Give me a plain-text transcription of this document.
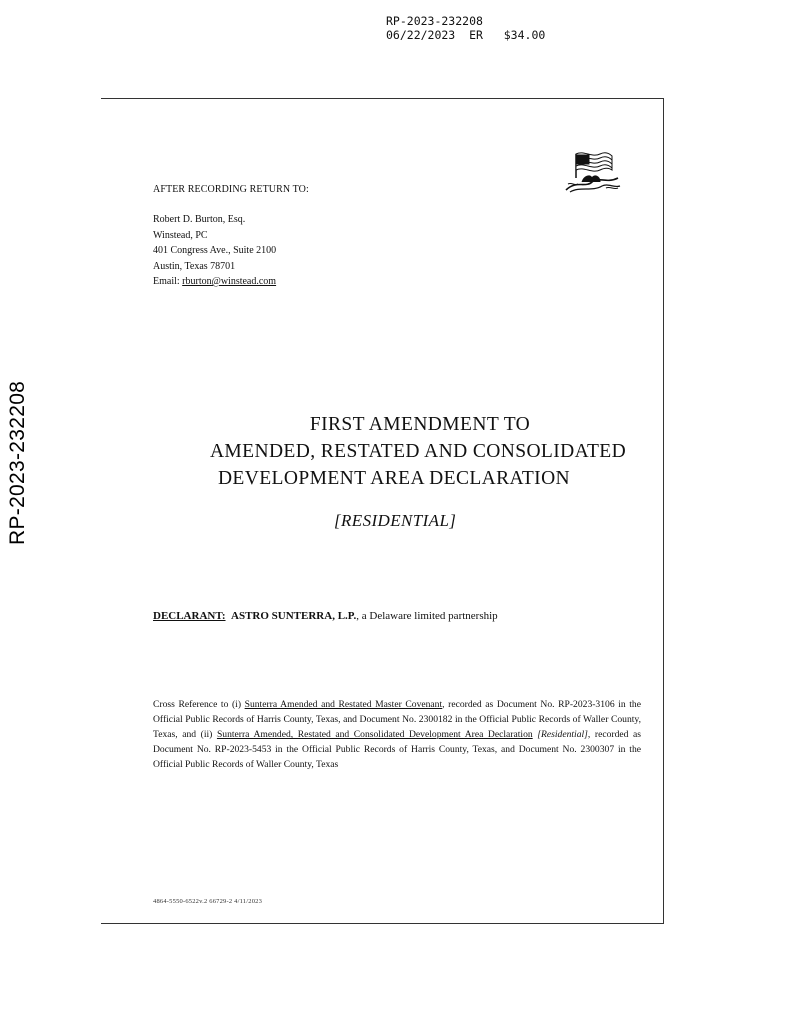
RP-2023-232208
06/22/2023 ER $34.00
RP-2023-232208
AFTER RECORDING RETURN TO:
Robert D. Burton, Esq.
Winstead, PC
401 Congress Ave., Suite 2100
Austin, Texas 78701
Email: rburton@winstead.com
FIRST AMENDMENT TO
AMENDED, RESTATED AND CONSOLIDATED
DEVELOPMENT AREA DECLARATION
[RESIDENTIAL]
DECLARANT: ASTRO SUNTERRA, L.P., a Delaware limited partnership
Cross Reference to (i) Sunterra Amended and Restated Master Covenant, recorded as Document No. RP-2023-3106 in the Official Public Records of Harris County, Texas, and Document No. 2300182 in the Official Public Records of Waller County, Texas, and (ii) Sunterra Amended, Restated and Consolidated Development Area Declaration [Residential], recorded as Document No. RP-2023-5453 in the Official Public Records of Harris County, Texas, and Document No. 2300307 in the Official Public Records of Waller County, Texas
4864-5550-6522v.2 66729-2 4/11/2023
